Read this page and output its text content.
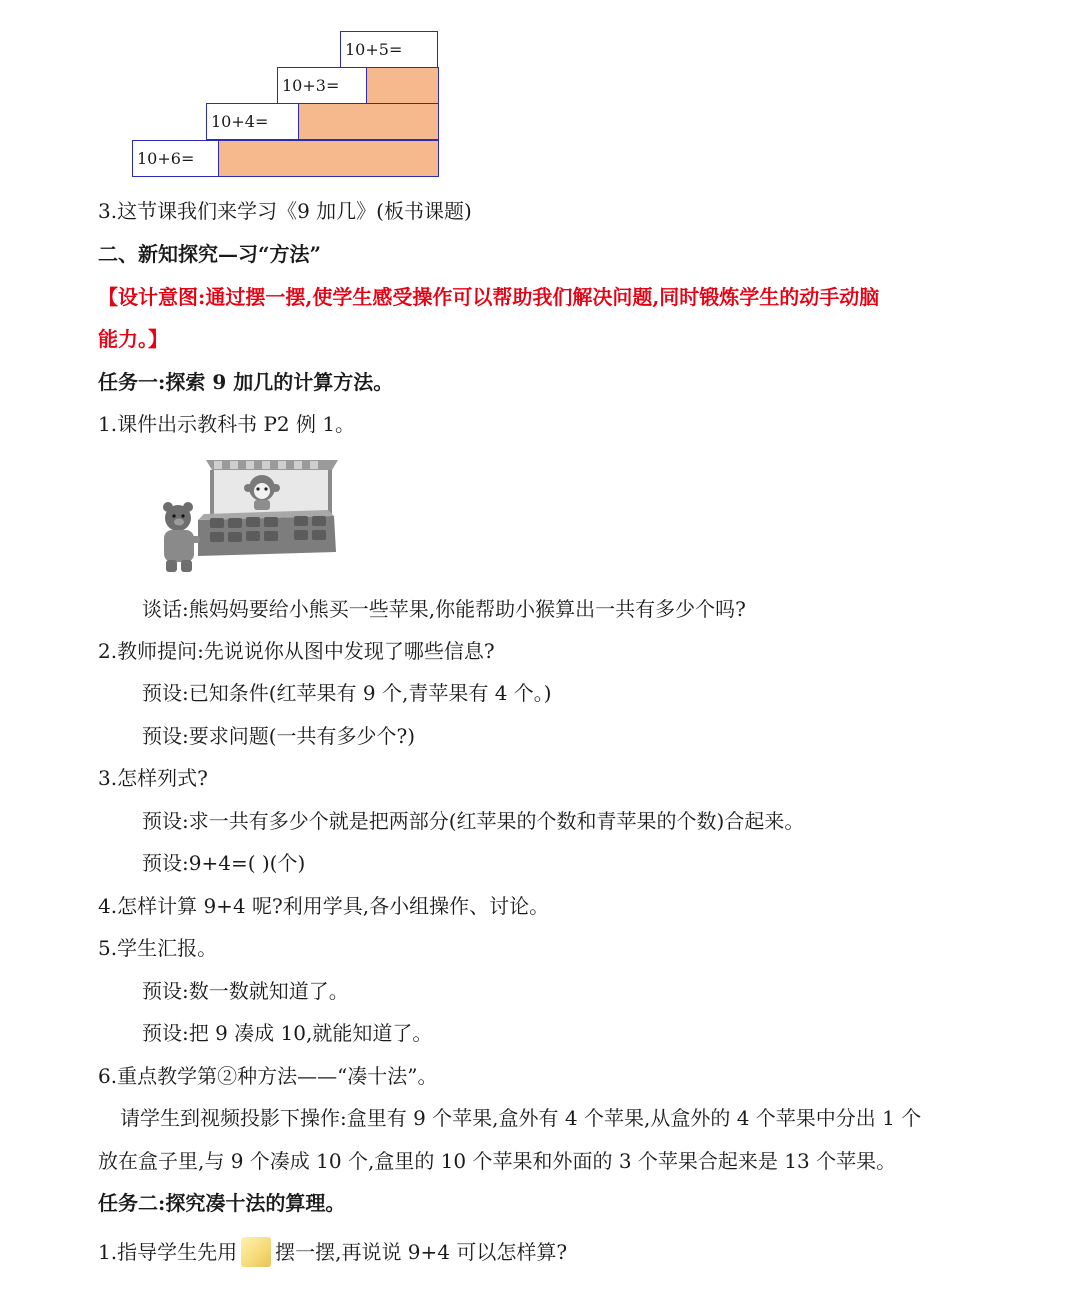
10+5=
10+3=
10+4=
10+6=
3.这节课我们来学习《9 加几》(板书课题)
二、新知探究—习“方法”
【设计意图:通过摆一摆,使学生感受操作可以帮助我们解决问题,同时锻炼学生的动手动脑
能力。】
任务一:探索 9 加几的计算方法。
1.课件出示教科书 P2 例 1。
谈话:熊妈妈要给小熊买一些苹果,你能帮助小猴算出一共有多少个吗?
2.教师提问:先说说你从图中发现了哪些信息?
预设:已知条件(红苹果有 9 个,青苹果有 4 个。)
预设:要求问题(一共有多少个?)
3.怎样列式?
预设:求一共有多少个就是把两部分(红苹果的个数和青苹果的个数)合起来。
预设:9+4=( )(个)
4.怎样计算 9+4 呢?利用学具,各小组操作、讨论。
5.学生汇报。
预设:数一数就知道了。
预设:把 9 凑成 10,就能知道了。
6.重点教学第②种方法——“凑十法”。
请学生到视频投影下操作:盒里有 9 个苹果,盒外有 4 个苹果,从盒外的 4 个苹果中分出 1 个
放在盒子里,与 9 个凑成 10 个,盒里的 10 个苹果和外面的 3 个苹果合起来是 13 个苹果。
任务二:探究凑十法的算理。
1.指导学生先用 摆一摆,再说说 9+4 可以怎样算?
